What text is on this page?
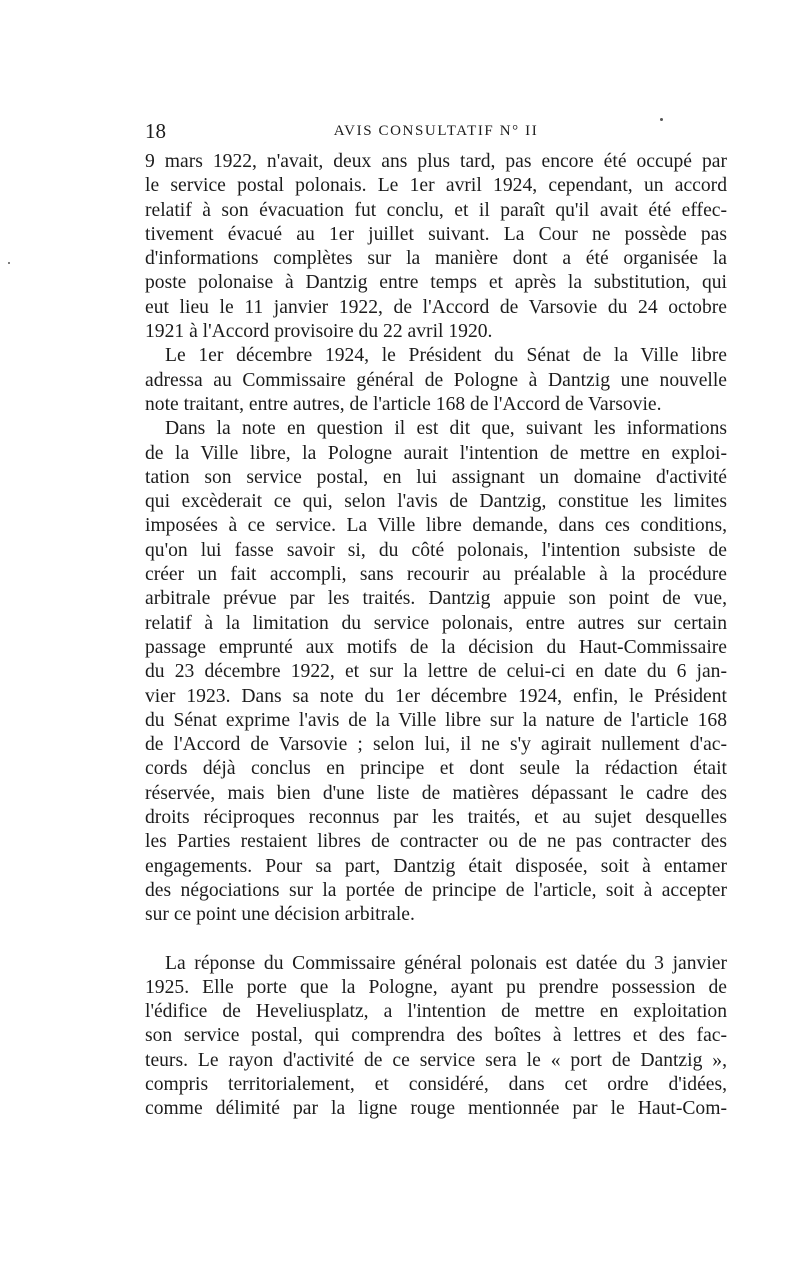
18	AVIS CONSULTATIF N° II
9 mars 1922, n'avait, deux ans plus tard, pas encore été occupé par
le service postal polonais. Le 1er avril 1924, cependant, un accord
relatif à son évacuation fut conclu, et il paraît qu'il avait été effec-
tivement évacué au 1er juillet suivant. La Cour ne possède pas
d'informations complètes sur la manière dont a été organisée la
poste polonaise à Dantzig entre temps et après la substitution, qui
eut lieu le 11 janvier 1922, de l'Accord de Varsovie du 24 octobre
1921 à l'Accord provisoire du 22 avril 1920.
Le 1er décembre 1924, le Président du Sénat de la Ville libre
adressa au Commissaire général de Pologne à Dantzig une nouvelle
note traitant, entre autres, de l'article 168 de l'Accord de Varsovie.
Dans la note en question il est dit que, suivant les informations
de la Ville libre, la Pologne aurait l'intention de mettre en exploi-
tation son service postal, en lui assignant un domaine d'activité
qui excèderait ce qui, selon l'avis de Dantzig, constitue les limites
imposées à ce service. La Ville libre demande, dans ces conditions,
qu'on lui fasse savoir si, du côté polonais, l'intention subsiste de
créer un fait accompli, sans recourir au préalable à la procédure
arbitrale prévue par les traités. Dantzig appuie son point de vue,
relatif à la limitation du service polonais, entre autres sur certain
passage emprunté aux motifs de la décision du Haut-Commissaire
du 23 décembre 1922, et sur la lettre de celui-ci en date du 6 jan-
vier 1923. Dans sa note du 1er décembre 1924, enfin, le Président
du Sénat exprime l'avis de la Ville libre sur la nature de l'article 168
de l'Accord de Varsovie ; selon lui, il ne s'y agirait nullement d'ac-
cords déjà conclus en principe et dont seule la rédaction était
réservée, mais bien d'une liste de matières dépassant le cadre des
droits réciproques reconnus par les traités, et au sujet desquelles
les Parties restaient libres de contracter ou de ne pas contracter des
engagements. Pour sa part, Dantzig était disposée, soit à entamer
des négociations sur la portée de principe de l'article, soit à accepter
sur ce point une décision arbitrale.
La réponse du Commissaire général polonais est datée du 3 janvier
1925. Elle porte que la Pologne, ayant pu prendre possession de
l'édifice de Heveliusplatz, a l'intention de mettre en exploitation
son service postal, qui comprendra des boîtes à lettres et des fac-
teurs. Le rayon d'activité de ce service sera le « port de Dantzig »,
compris territorialement, et considéré, dans cet ordre d'idées,
comme délimité par la ligne rouge mentionnée par le Haut-Com-
